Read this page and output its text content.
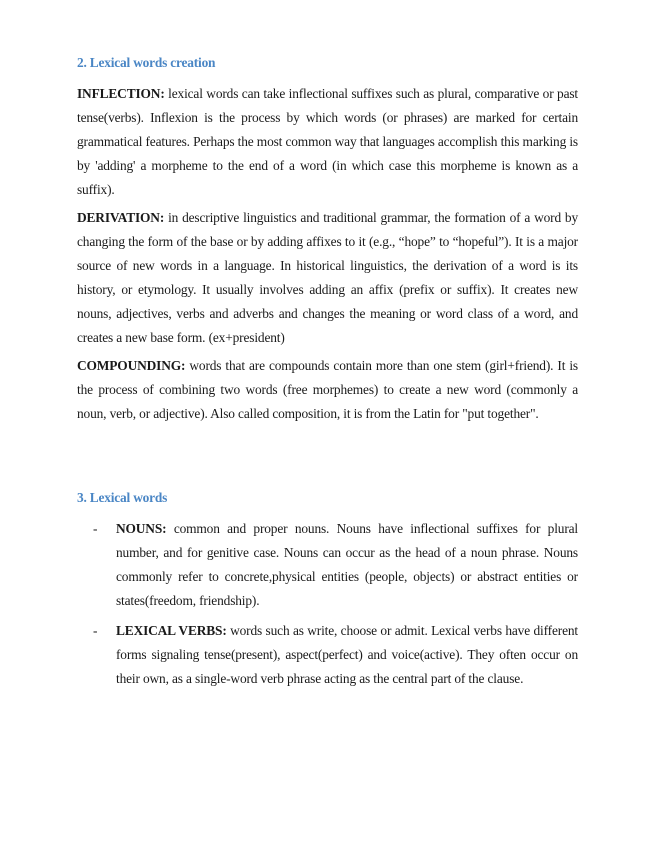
2. Lexical words creation

INFLECTION: lexical words can take inflectional suffixes such as plural, comparative or past tense(verbs). Inflexion is the process by which words (or phrases) are marked for certain grammatical features. Perhaps the most common way that languages accomplish this marking is by 'adding' a morpheme to the end of a word (in which case this morpheme is known as a suffix).

DERIVATION: in descriptive linguistics and traditional grammar, the formation of a word by changing the form of the base or by adding affixes to it (e.g., “hope” to “hopeful”). It is a major source of new words in a language. In historical linguistics, the derivation of a word is its history, or etymology. It usually involves adding an affix (prefix or suffix). It creates new nouns, adjectives, verbs and adverbs and changes the meaning or word class of a word, and creates a new base form. (ex+president)

COMPOUNDING: words that are compounds contain more than one stem (girl+friend). It is the process of combining two words (free morphemes) to create a new word (commonly a noun, verb, or adjective). Also called composition, it is from the Latin for "put together".

3. Lexical words
-	NOUNS: common and proper nouns. Nouns have inflectional suffixes for plural number, and for genitive case. Nouns can occur as the head of a noun phrase. Nouns commonly refer to concrete,physical entities (people, objects) or abstract entities or states(freedom, friendship).
-	LEXICAL VERBS: words such as write, choose or admit. Lexical verbs have different forms signaling tense(present), aspect(perfect) and voice(active). They often occur on their own, as a single-word verb phrase acting as the central part of the clause.
